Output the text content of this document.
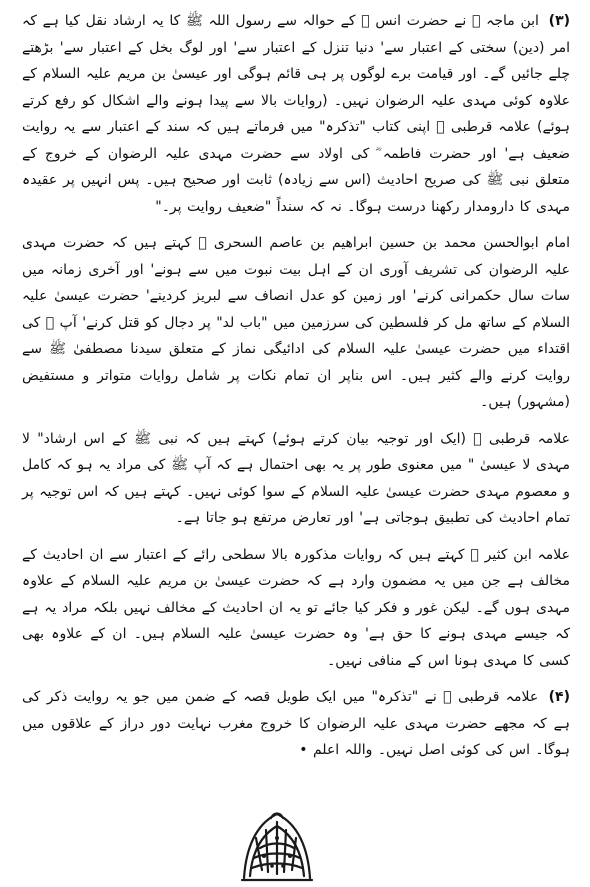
(۳) ابن ماجہ ﷫ نے حضرت انس ﷜ کے حوالہ سے رسول اللہ ﷺ کا یہ ارشاد نقل کیا ہے کہ امر (دین) سختی کے اعتبار سے' دنیا تنزل کے اعتبار سے' اور لوگ بخل کے اعتبار سے' بڑھتے چلے جائیں گے۔ اور قیامت برے لوگوں پر ہی قائم ہوگی اور عیسیٰ بن مریم علیہ السلام کے علاوہ کوئی مہدی علیہ الرضوان نہیں۔ (روایات بالا سے پیدا ہونے والے اشکال کو رفع کرتے ہوئے) علامہ قرطبی ﷫ اپنی کتاب "تذکرہ" میں فرماتے ہیں کہ سند کے اعتبار سے یہ روایت ضعیف ہے' اور حضرت فاطمہ ؓ کی اولاد سے حضرت مہدی علیہ الرضوان کے خروج کے متعلق نبی ﷺ کی صریح احادیث (اس سے زیادہ) ثابت اور صحیح ہیں۔ پس انہیں پر عقیدہ مہدی کا دارومدار رکھنا درست ہوگا۔ نہ کہ سنداً "ضعیف روایت پر۔"

امام ابوالحسن محمد بن حسین ابراهیم بن عاصم السحری ﷫ کہتے ہیں کہ حضرت مہدی علیہ الرضوان کی تشریف آوری ان کے اہل بیت نبوت میں سے ہونے' اور آخری زمانہ میں سات سال حکمرانی کرنے' اور زمین کو عدل انصاف سے لبریز کردینے' حضرت عیسیٰ علیہ السلام کے ساتھ مل کر فلسطین کی سرزمین میں "باب لد" پر دجال کو قتل کرنے' آپ ﷜ کی اقتداء میں حضرت عیسیٰ علیہ السلام کی ادائیگی نماز کے متعلق سیدنا مصطفیٰ ﷺ سے روایت کرنے والے کثیر ہیں۔ اس بناپر ان تمام نکات پر شامل روایات متواتر و مستفیض (مشہور) ہیں۔

علامہ قرطبی ﷫ (ایک اور توجیہ بیان کرتے ہوئے) کہتے ہیں کہ نبی ﷺ کے اس ارشاد" لا مہدی لا عیسیٰ " میں معنوی طور پر یہ بھی احتمال ہے کہ آپ ﷺ کی مراد یہ ہو کہ کامل و معصوم مہدی حضرت عیسیٰ علیہ السلام کے سوا کوئی نہیں۔ کہتے ہیں کہ اس توجیہ پر تمام احادیث کی تطبیق ہوجاتی ہے' اور تعارض مرتفع ہو جاتا ہے۔

علامہ ابن کثیر ﷫ کہتے ہیں کہ روایات مذکورہ بالا سطحی رائے کے اعتبار سے ان احادیث کے مخالف ہے جن میں یہ مضمون وارد ہے کہ حضرت عیسیٰ بن مریم علیہ السلام کے علاوہ مہدی ہوں گے۔ لیکن غور و فکر کیا جائے تو یہ ان احادیث کے مخالف نہیں بلکہ مراد یہ ہے کہ جیسے مہدی ہونے کا حق ہے' وہ حضرت عیسیٰ علیہ السلام ہیں۔ ان کے علاوہ بھی کسی کا مہدی ہونا اس کے منافی نہیں۔

(۴) علامہ قرطبی ﷫ نے "تذکرہ" میں ایک طویل قصہ کے ضمن میں جو یہ روایت ذکر کی ہے کہ مجھے حضرت مہدی علیہ الرضوان کا خروج مغرب نہایت دور دراز کے علاقوں میں ہوگا۔ اس کی کوئی اصل نہیں۔ واللہ اعلم •
